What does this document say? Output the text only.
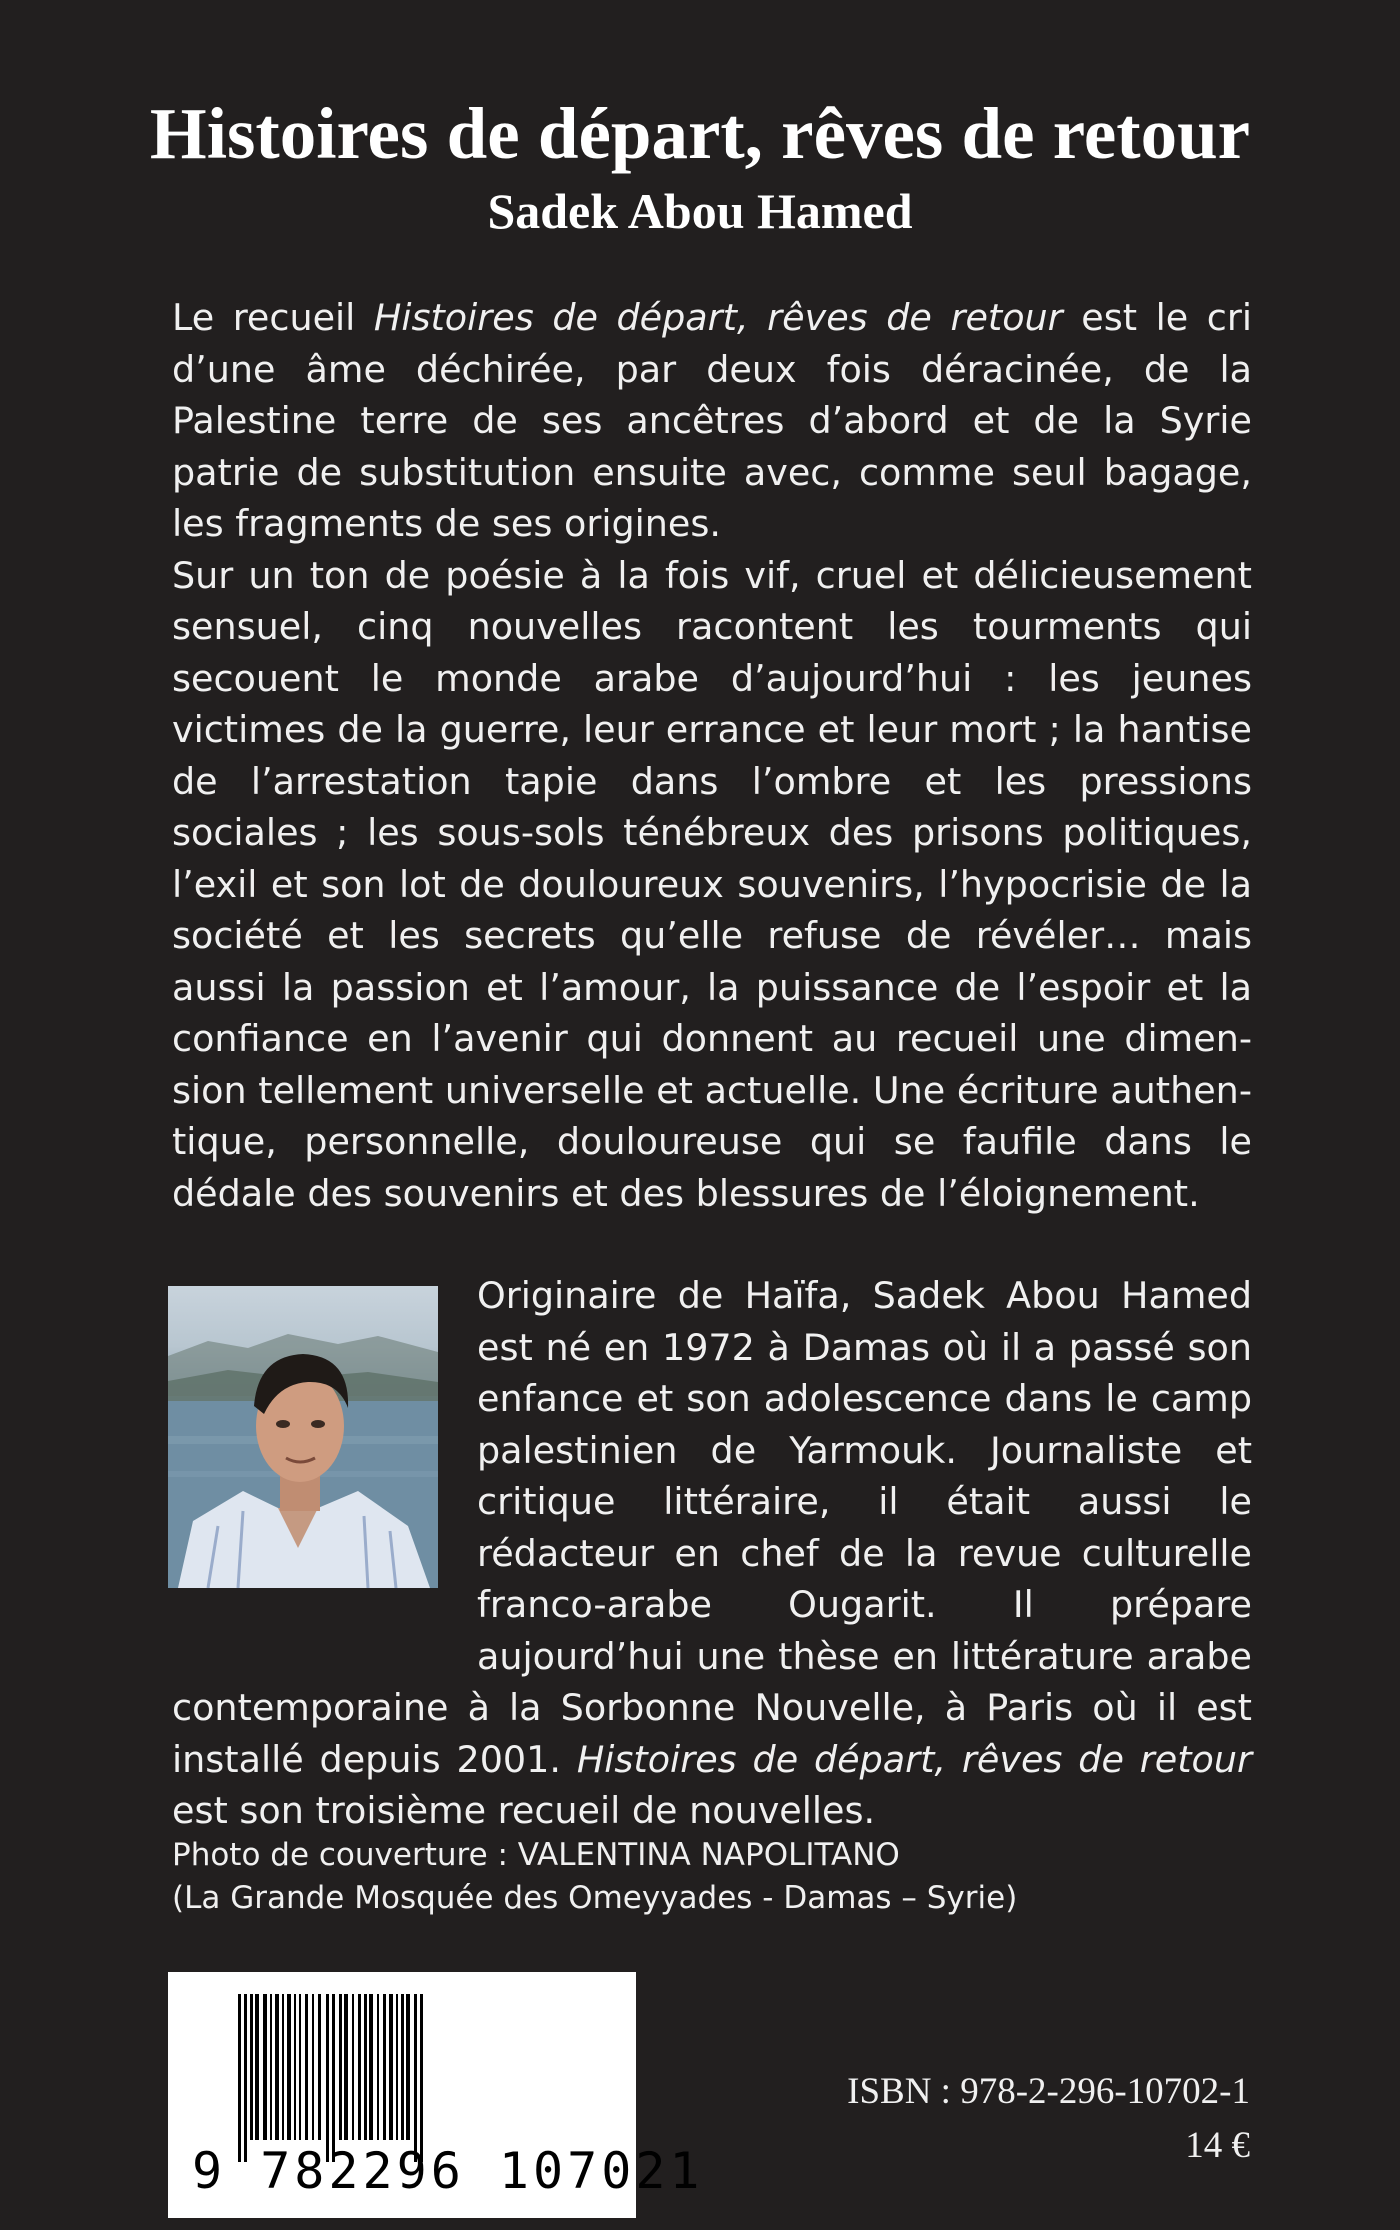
Histoires de départ, rêves de retour
Sadek Abou Hamed

Le recueil Histoires de départ, rêves de retour est le cri d’une âme déchirée, par deux fois déracinée, de la Palestine terre de ses ancêtres d’abord et de la Syrie patrie de substitution ensuite avec, comme seul bagage, les fragments de ses origines.

Sur un ton de poésie à la fois vif, cruel et délicieusement sensuel, cinq nouvelles racontent les tourments qui secouent le monde arabe d’aujourd’hui : les jeunes victimes de la guerre, leur errance et leur mort ; la hantise de l’arrestation tapie dans l’ombre et les pressions sociales ; les sous-sols ténébreux des prisons politiques, l’exil et son lot de douloureux souvenirs, l’hypocrisie de la société et les secrets qu’elle refuse de révéler… mais aussi la passion et l’amour, la puissance de l’espoir et la confiance en l’avenir qui donnent au recueil une dimension tellement universelle et actuelle. Une écriture authentique, personnelle, douloureuse qui se faufile dans le dédale des souvenirs et des blessures de l’éloignement.

Originaire de Haïfa, Sadek Abou Hamed est né en 1972 à Damas où il a passé son enfance et son adolescence dans le camp palestinien de Yarmouk. Journaliste et critique littéraire, il était aussi le rédacteur en chef de la revue culturelle franco-arabe Ougarit. Il prépare aujourd’hui une thèse en littérature arabe contemporaine à la Sorbonne Nouvelle, à Paris où il est installé depuis 2001. Histoires de départ, rêves de retour est son troisième recueil de nouvelles.
Photo de couverture : VALENTINA NAPOLITANO
(La Grande Mosquée des Omeyyades - Damas – Syrie)
9 782296 107021
ISBN : 978-2-296-10702-1
14 €
